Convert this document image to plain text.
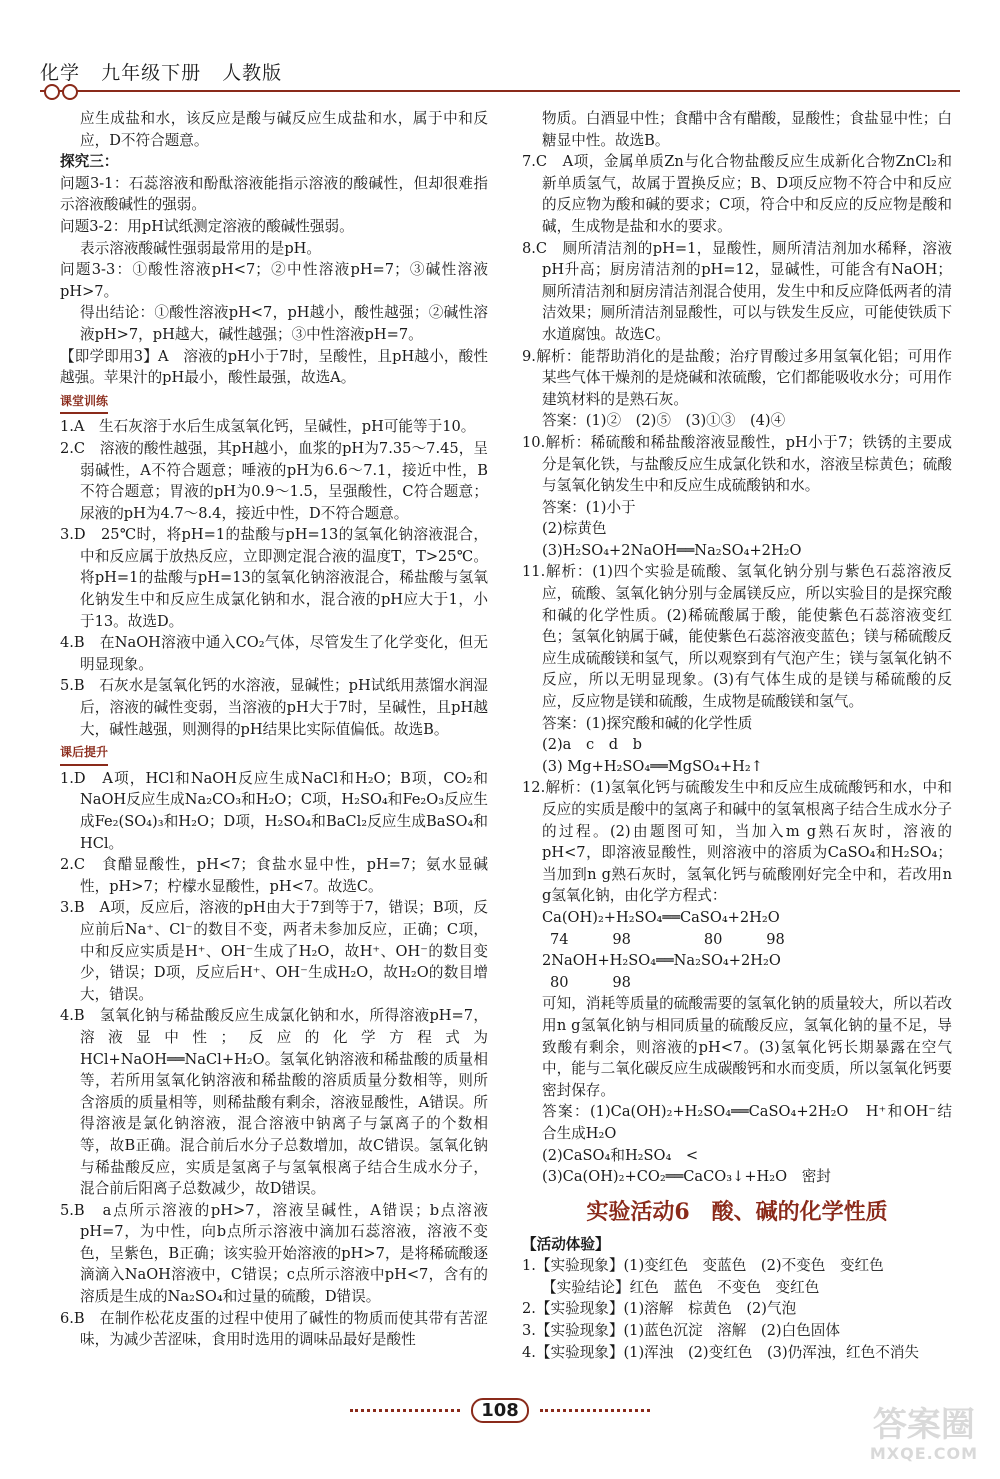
化学 九年级下册 人教版

应生成盐和水，该反应是酸与碱反应生成盐和水，属于中和反应，D不符合题意。

探究三：

问题3-1：石蕊溶液和酚酞溶液能指示溶液的酸碱性，但却很难指示溶液酸碱性的强弱。

问题3-2：用pH试纸测定溶液的酸碱性强弱。

表示溶液酸碱性强弱最常用的是pH。

问题3-3：①酸性溶液pH<7；②中性溶液pH=7；③碱性溶液pH>7。

得出结论：①酸性溶液pH<7，pH越小，酸性越强；②碱性溶液pH>7，pH越大，碱性越强；③中性溶液pH=7。

【即学即用3】A　溶液的pH小于7时，呈酸性，且pH越小，酸性越强。苹果汁的pH最小，酸性最强，故选A。

课堂训练

1.A　生石灰溶于水后生成氢氧化钙，呈碱性，pH可能等于10。

2.C　溶液的酸性越强，其pH越小，血浆的pH为7.35～7.45，呈弱碱性，A不符合题意；唾液的pH为6.6～7.1，接近中性，B不符合题意；胃液的pH为0.9～1.5，呈强酸性，C符合题意；尿液的pH为4.7～8.4，接近中性，D不符合题意。

3.D　25℃时，将pH=1的盐酸与pH=13的氢氧化钠溶液混合，中和反应属于放热反应，立即测定混合液的温度T，T>25℃。将pH=1的盐酸与pH=13的氢氧化钠溶液混合，稀盐酸与氢氧化钠发生中和反应生成氯化钠和水，混合液的pH应大于1，小于13。故选D。

4.B　在NaOH溶液中通入CO₂气体，尽管发生了化学变化，但无明显现象。

5.B　石灰水是氢氧化钙的水溶液，显碱性；pH试纸用蒸馏水润湿后，溶液的碱性变弱，当溶液的pH大于7时，呈碱性，且pH越大，碱性越强，则测得的pH结果比实际值偏低。故选B。

课后提升

1.D　A项，HCl和NaOH反应生成NaCl和H₂O；B项，CO₂和NaOH反应生成Na₂CO₃和H₂O；C项，H₂SO₄和Fe₂O₃反应生成Fe₂(SO₄)₃和H₂O；D项，H₂SO₄和BaCl₂反应生成BaSO₄和HCl。

2.C　食醋显酸性，pH<7；食盐水显中性，pH=7；氨水显碱性，pH>7；柠檬水显酸性，pH<7。故选C。

3.B　A项，反应后，溶液的pH由大于7到等于7，错误；B项，反应前后Na⁺、Cl⁻的数目不变，两者未参加反应，正确；C项，中和反应实质是H⁺、OH⁻生成了H₂O，故H⁺、OH⁻的数目变少，错误；D项，反应后H⁺、OH⁻生成H₂O，故H₂O的数目增大，错误。

4.B　氢氧化钠与稀盐酸反应生成氯化钠和水，所得溶液pH=7，溶液显中性；反应的化学方程式为HCl+NaOH══NaCl+H₂O。氢氧化钠溶液和稀盐酸的质量相等，若所用氢氧化钠溶液和稀盐酸的溶质质量分数相等，则所含溶质的质量相等，则稀盐酸有剩余，溶液显酸性，A错误。所得溶液是氯化钠溶液，混合溶液中钠离子与氯离子的个数相等，故B正确。混合前后水分子总数增加，故C错误。氢氧化钠与稀盐酸反应，实质是氢离子与氢氧根离子结合生成水分子，混合前后阳离子总数减少，故D错误。

5.B　a点所示溶液的pH>7，溶液呈碱性，A错误；b点溶液pH=7，为中性，向b点所示溶液中滴加石蕊溶液，溶液不变色，呈紫色，B正确；该实验开始溶液的pH>7，是将稀硫酸逐滴滴入NaOH溶液中，C错误；c点所示溶液中pH<7，含有的溶质是生成的Na₂SO₄和过量的硫酸，D错误。

6.B　在制作松花皮蛋的过程中使用了碱性的物质而使其带有苦涩味，为减少苦涩味，食用时选用的调味品最好是酸性

物质。白酒显中性；食醋中含有醋酸，显酸性；食盐显中性；白糖显中性。故选B。

7.C　A项，金属单质Zn与化合物盐酸反应生成新化合物ZnCl₂和新单质氢气，故属于置换反应；B、D项反应物不符合中和反应的反应物为酸和碱的要求；C项，符合中和反应的反应物是酸和碱，生成物是盐和水的要求。

8.C　厕所清洁剂的pH=1，显酸性，厕所清洁剂加水稀释，溶液pH升高；厨房清洁剂的pH=12，显碱性，可能含有NaOH；厕所清洁剂和厨房清洁剂混合使用，发生中和反应降低两者的清洁效果；厕所清洁剂显酸性，可以与铁发生反应，可能使铁质下水道腐蚀。故选C。

9.解析：能帮助消化的是盐酸；治疗胃酸过多用氢氧化铝；可用作某些气体干燥剂的是烧碱和浓硫酸，它们都能吸收水分；可用作建筑材料的是熟石灰。

答案：(1)②　(2)⑤　(3)①③　(4)④

10.解析：稀硫酸和稀盐酸溶液显酸性，pH小于7；铁锈的主要成分是氧化铁，与盐酸反应生成氯化铁和水，溶液呈棕黄色；硫酸与氢氧化钠发生中和反应生成硫酸钠和水。

答案：(1)小于

(2)棕黄色

(3)H₂SO₄+2NaOH══Na₂SO₄+2H₂O

11.解析：(1)四个实验是硫酸、氢氧化钠分别与紫色石蕊溶液反应，硫酸、氢氧化钠分别与金属镁反应，所以实验目的是探究酸和碱的化学性质。(2)稀硫酸属于酸，能使紫色石蕊溶液变红色；氢氧化钠属于碱，能使紫色石蕊溶液变蓝色；镁与稀硫酸反应生成硫酸镁和氢气，所以观察到有气泡产生；镁与氢氧化钠不反应，所以无明显现象。(3)有气体生成的是镁与稀硫酸的反应，反应物是镁和硫酸，生成物是硫酸镁和氢气。

答案：(1)探究酸和碱的化学性质

(2)a　c　d　b

(3) Mg+H₂SO₄══MgSO₄+H₂↑

12.解析：(1)氢氧化钙与硫酸发生中和反应生成硫酸钙和水，中和反应的实质是酸中的氢离子和碱中的氢氧根离子结合生成水分子的过程。(2)由题图可知，当加入m g熟石灰时，溶液的pH<7，即溶液显酸性，则溶液中的溶质为CaSO₄和H₂SO₄；当加到n g熟石灰时，氢氧化钙与硫酸刚好完全中和，若改用n g氢氧化钠，由化学方程式：

Ca(OH)₂+H₂SO₄══CaSO₄+2H₂O

74　　　98　　　　　80　　　98

2NaOH+H₂SO₄══Na₂SO₄+2H₂O

80　　　98

可知，消耗等质量的硫酸需要的氢氧化钠的质量较大，所以若改用n g氢氧化钠与相同质量的硫酸反应，氢氧化钠的量不足，导致酸有剩余，则溶液的pH<7。(3)氢氧化钙长期暴露在空气中，能与二氧化碳反应生成碳酸钙和水而变质，所以氢氧化钙要密封保存。

答案：(1)Ca(OH)₂+H₂SO₄══CaSO₄+2H₂O　H⁺和OH⁻结合生成H₂O

(2)CaSO₄和H₂SO₄　<

(3)Ca(OH)₂+CO₂══CaCO₃↓+H₂O　密封

实验活动6　酸、碱的化学性质

【活动体验】

1.【实验现象】(1)变红色　变蓝色　(2)不变色　变红色

【实验结论】红色　蓝色　不变色　变红色

2.【实验现象】(1)溶解　棕黄色　(2)气泡

3.【实验现象】(1)蓝色沉淀　溶解　(2)白色固体

4.【实验现象】(1)浑浊　(2)变红色　(3)仍浑浊，红色不消失

108	答案圈
MXQE.COM
